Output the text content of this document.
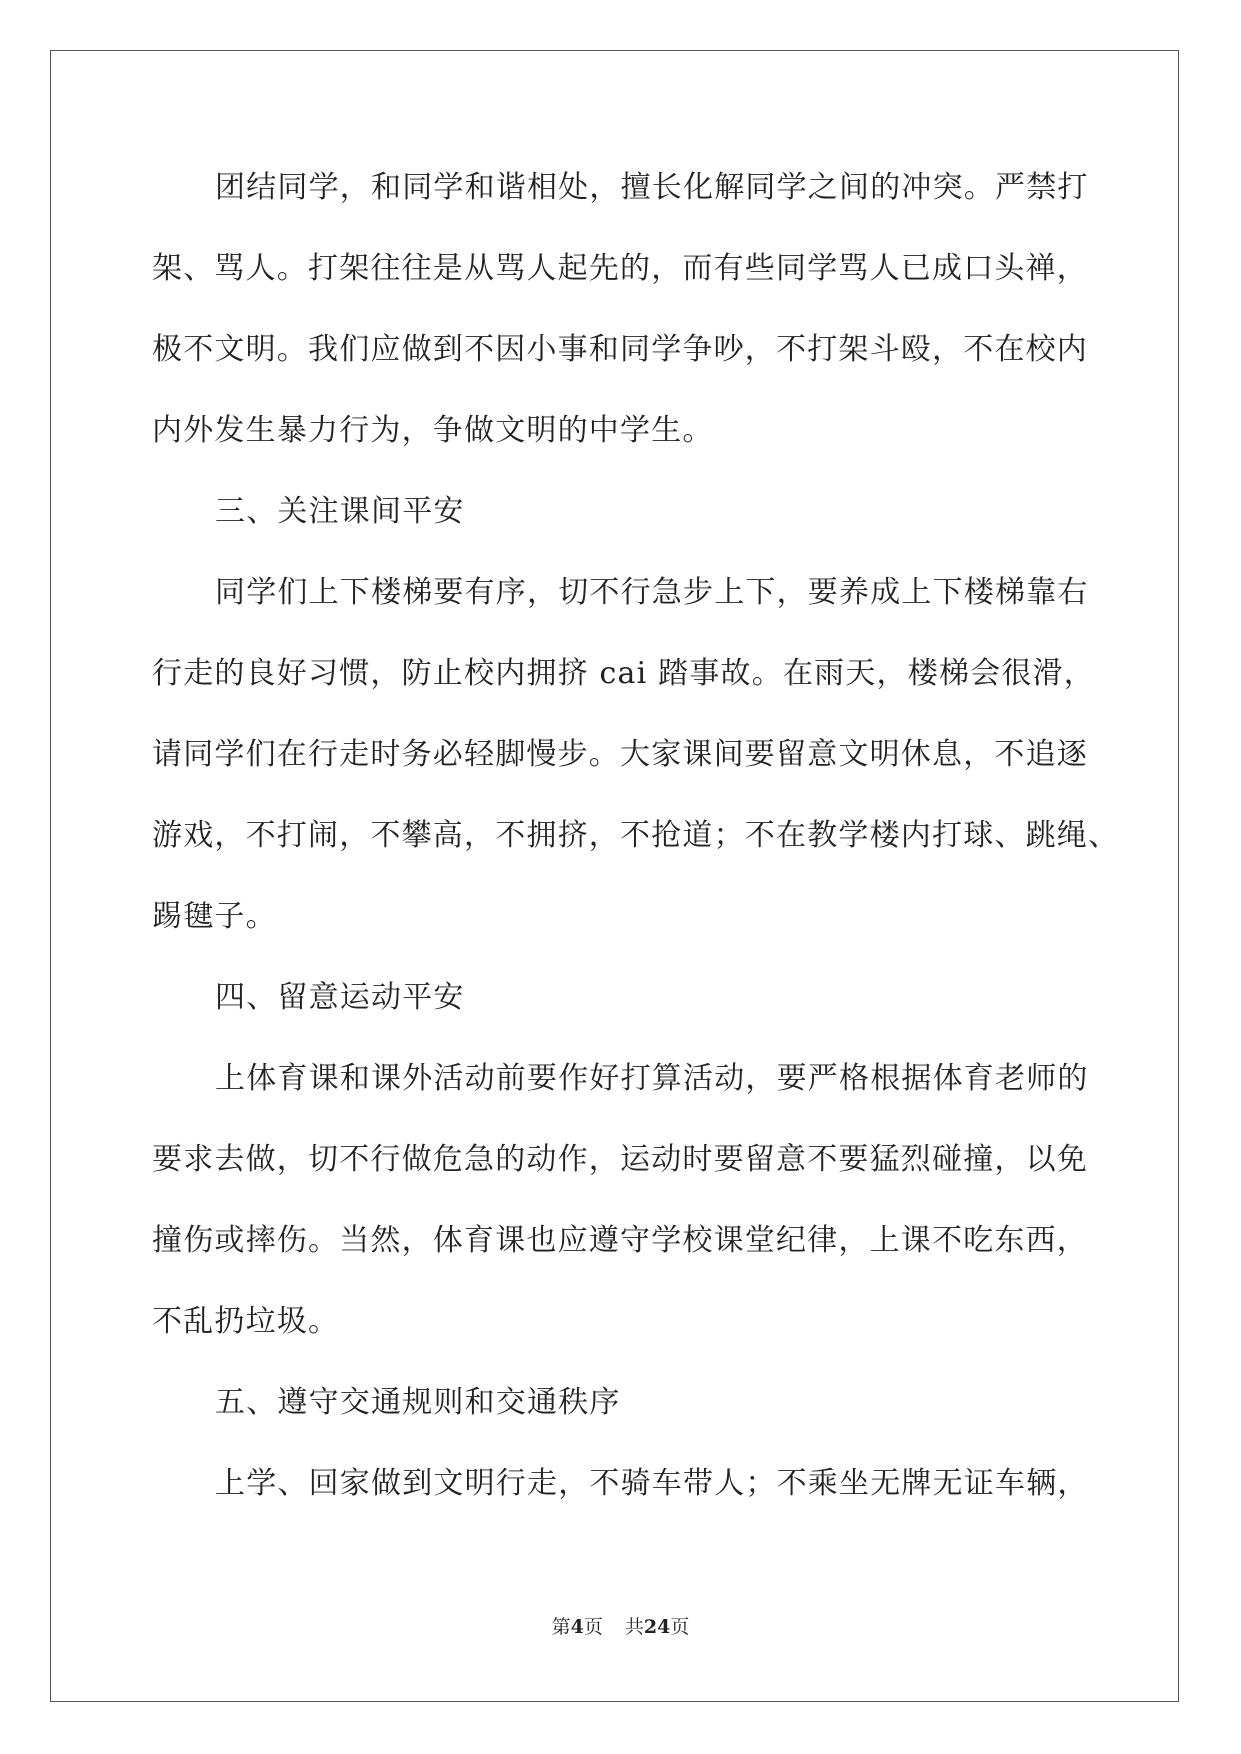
团结同学，和同学和谐相处，擅长化解同学之间的冲突。严禁打
架、骂人。打架往往是从骂人起先的，而有些同学骂人已成口头禅，
极不文明。我们应做到不因小事和同学争吵，不打架斗殴，不在校内
内外发生暴力行为，争做文明的中学生。
三、关注课间平安
同学们上下楼梯要有序，切不行急步上下，要养成上下楼梯靠右
行走的良好习惯，防止校内拥挤 cai 踏事故。在雨天，楼梯会很滑，
请同学们在行走时务必轻脚慢步。大家课间要留意文明休息，不追逐
游戏，不打闹，不攀高，不拥挤，不抢道；不在教学楼内打球、跳绳、
踢毽子。
四、留意运动平安
上体育课和课外活动前要作好打算活动，要严格根据体育老师的
要求去做，切不行做危急的动作，运动时要留意不要猛烈碰撞，以免
撞伤或摔伤。当然，体育课也应遵守学校课堂纪律，上课不吃东西，
不乱扔垃圾。
五、遵守交通规则和交通秩序
上学、回家做到文明行走，不骑车带人；不乘坐无牌无证车辆，
第4页 共24页
